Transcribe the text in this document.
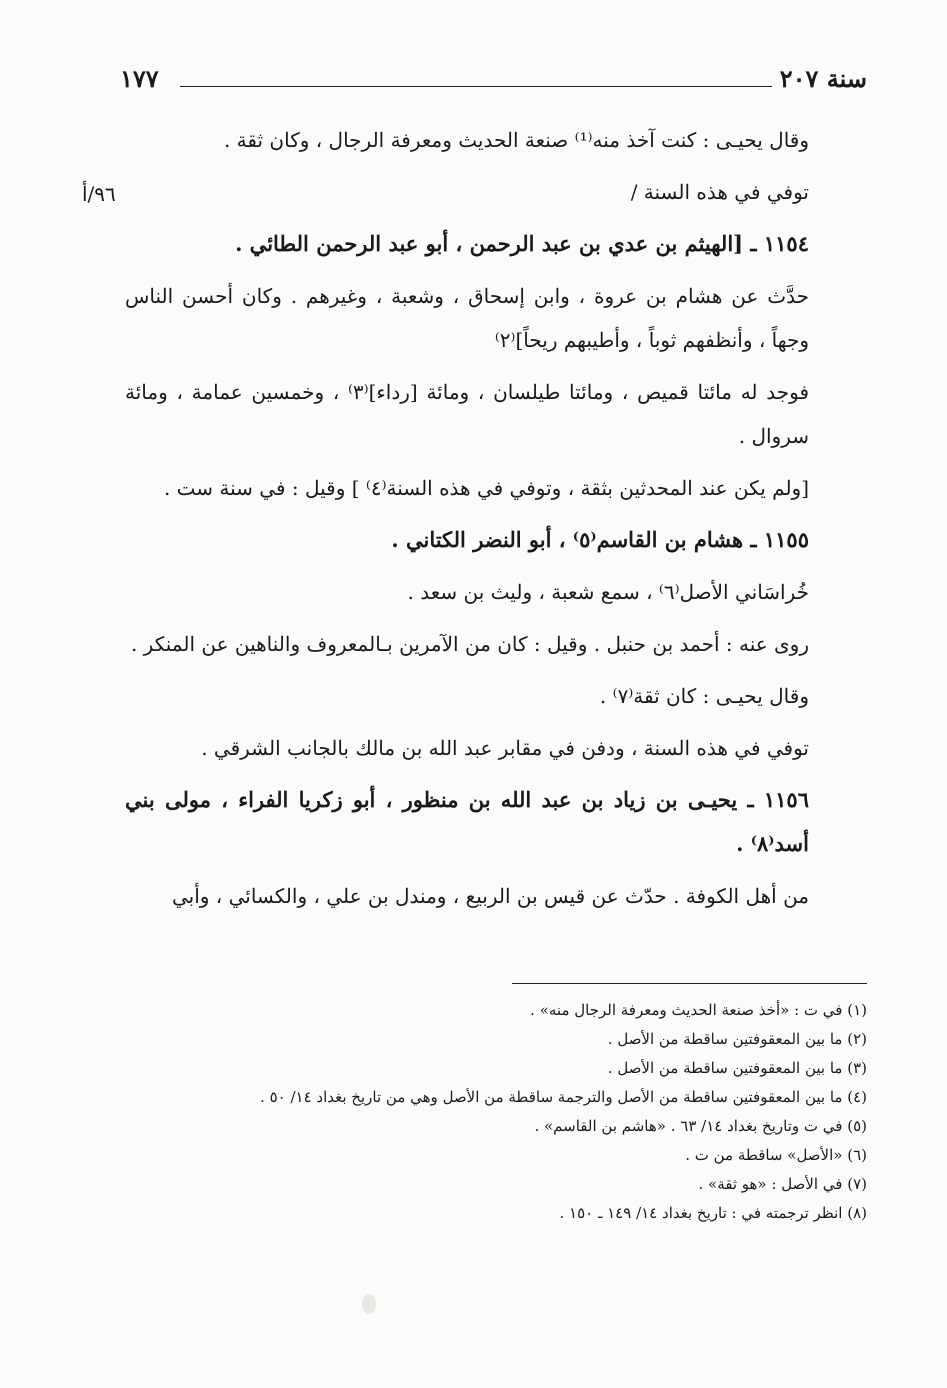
سنة ٢٠٧
١٧٧
٩٦/أ

وقال يحيـى : كنت آخذ منه⁽¹⁾ صنعة الحديث ومعرفة الرجال ، وكان ثقة .

توفي في هذه السنة /

١١٥٤ ـ [الهيثم بن عدي بن عبد الرحمن ، أبو عبد الرحمن الطائي .

حدَّث عن هشام بن عروة ، وابن إسحاق ، وشعبة ، وغيرهم . وكان أحسن الناس وجهاً ، وأنظفهم ثوباً ، وأطيبهم ريحاً]⁽٢⁾

فوجد له مائتا قميص ، ومائتا طيلسان ، ومائة [رداء]⁽٣⁾ ، وخمسين عمامة ، ومائة سروال .

[ولم يكن عند المحدثين بثقة ، وتوفي في هذه السنة⁽٤⁾ ] وقيل : في سنة ست .

١١٥٥ ـ هشام بن القاسم⁽٥⁾ ، أبو النضر الكتاني .

خُراسَاني الأصل⁽٦⁾ ، سمع شعبة ، وليث بن سعد .

روى عنه : أحمد بن حنبل . وقيل : كان من الآمرين بـالمعروف والناهين عن المنكر .

وقال يحيـى : كان ثقة⁽٧⁾ .

توفي في هذه السنة ، ودفن في مقابر عبد الله بن مالك بالجانب الشرقي .

١١٥٦ ـ يحيـى بن زياد بن عبد الله بن منظور ، أبو زكريا الفراء ، مولى بني أسد⁽٨⁾ .

من أهل الكوفة . حدّث عن قيس بن الربيع ، ومندل بن علي ، والكسائي ، وأبي

(١) في ت : «أخذ صنعة الحديث ومعرفة الرجال منه» .
(٢) ما بين المعقوفتين ساقطة من الأصل .
(٣) ما بين المعقوفتين ساقطة من الأصل .
(٤) ما بين المعقوفتين ساقطة من الأصل والترجمة ساقطة من الأصل وهي من تاريخ بغداد ١٤/ ٥٠ .
(٥) في ت وتاريخ بغداد ١٤/ ٦٣ . «هاشم بن القاسم» .
(٦) «الأصل» ساقطة من ت .
(٧) في الأصل : «هو ثقة» .
(٨) انظر ترجمته في : تاريخ بغداد ١٤/ ١٤٩ ـ ١٥٠ .
